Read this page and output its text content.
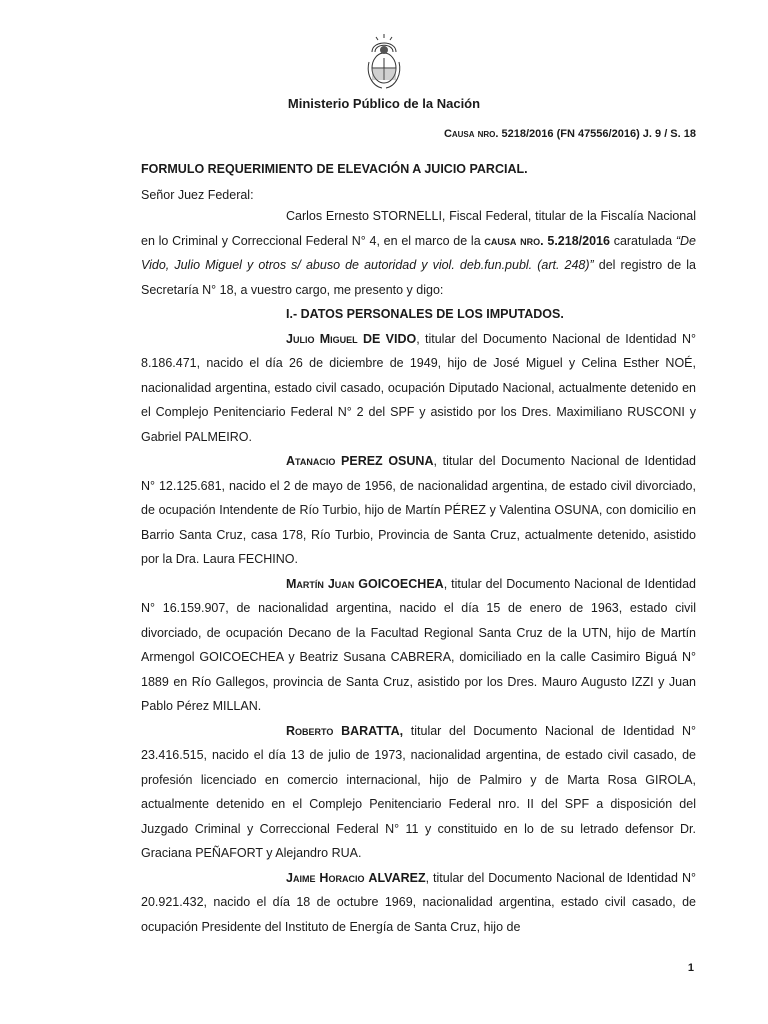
Ministerio Público de la Nación
Causa nro. 5218/2016 (FN 47556/2016) J. 9 / S. 18
FORMULO REQUERIMIENTO DE ELEVACIÓN A JUICIO PARCIAL.
Señor Juez Federal:

Carlos Ernesto STORNELLI, Fiscal Federal, titular de la Fiscalía Nacional en lo Criminal y Correccional Federal N° 4, en el marco de la causa nro. 5.218/2016 caratulada “De Vido, Julio Miguel y otros s/ abuso de autoridad y viol. deb.fun.publ. (art. 248)” del registro de la Secretaría N° 18, a vuestro cargo, me presento y digo:

I.- DATOS PERSONALES DE LOS IMPUTADOS.

Julio Miguel DE VIDO, titular del Documento Nacional de Identidad N° 8.186.471, nacido el día 26 de diciembre de 1949, hijo de José Miguel y Celina Esther NOÉ, nacionalidad argentina, estado civil casado, ocupación Diputado Nacional, actualmente detenido en el Complejo Penitenciario Federal N° 2 del SPF y asistido por los Dres. Maximiliano RUSCONI y Gabriel PALMEIRO.

Atanacio PEREZ OSUNA, titular del Documento Nacional de Identidad N° 12.125.681, nacido el 2 de mayo de 1956, de nacionalidad argentina, de estado civil divorciado, de ocupación Intendente de Río Turbio, hijo de Martín PÉREZ y Valentina OSUNA, con domicilio en Barrio Santa Cruz, casa 178, Río Turbio, Provincia de Santa Cruz, actualmente detenido, asistido por la Dra. Laura FECHINO.

Martín Juan GOICOECHEA, titular del Documento Nacional de Identidad N° 16.159.907, de nacionalidad argentina, nacido el día 15 de enero de 1963, estado civil divorciado, de ocupación Decano de la Facultad Regional Santa Cruz de la UTN, hijo de Martín Armengol GOICOECHEA y Beatriz Susana CABRERA, domiciliado en la calle Casimiro Biguá N° 1889 en Río Gallegos, provincia de Santa Cruz, asistido por los Dres. Mauro Augusto IZZI y Juan Pablo Pérez MILLAN.

Roberto BARATTA, titular del Documento Nacional de Identidad N° 23.416.515, nacido el día 13 de julio de 1973, nacionalidad argentina, de estado civil casado, de profesión licenciado en comercio internacional, hijo de Palmiro y de Marta Rosa GIROLA, actualmente detenido en el Complejo Penitenciario Federal nro. II del SPF a disposición del Juzgado Criminal y Correccional Federal N° 11 y constituido en lo de su letrado defensor Dr. Graciana PEÑAFORT y Alejandro RUA.

Jaime Horacio ALVAREZ, titular del Documento Nacional de Identidad N° 20.921.432, nacido el día 18 de octubre 1969, nacionalidad argentina, estado civil casado, de ocupación Presidente del Instituto de Energía de Santa Cruz, hijo de

1
